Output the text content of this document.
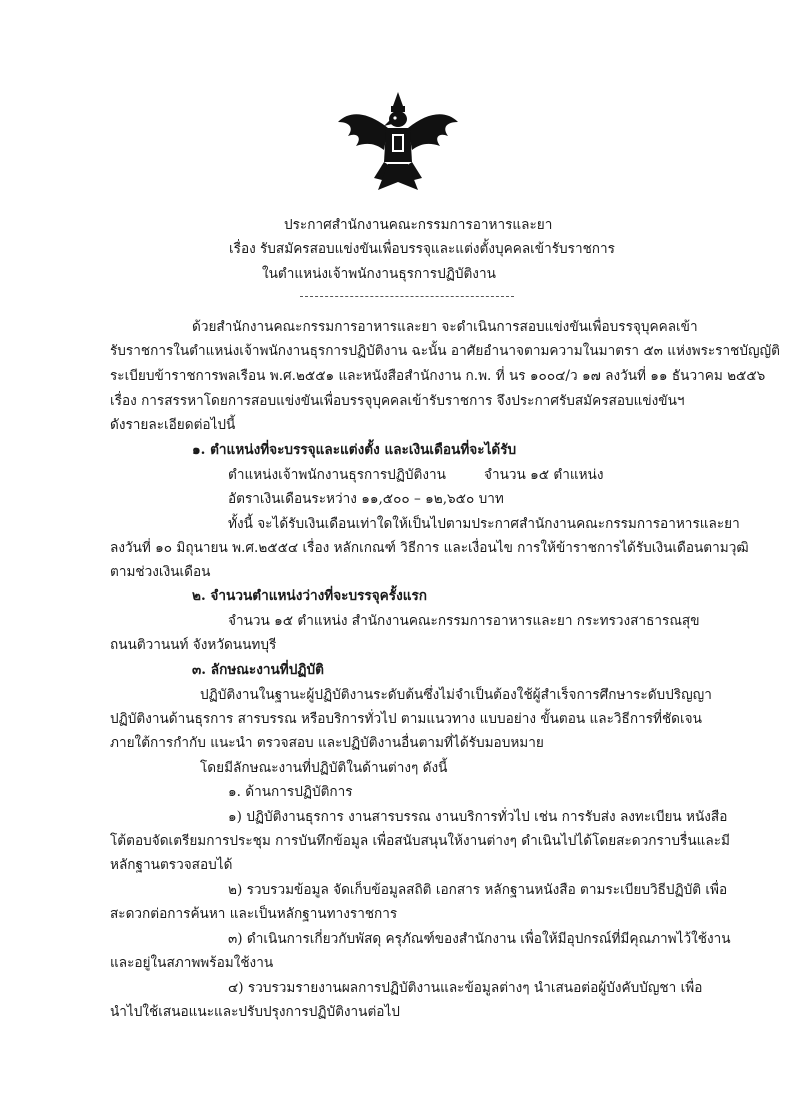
ประกาศสำนักงานคณะกรรมการอาหารและยา
เรื่อง รับสมัครสอบแข่งขันเพื่อบรรจุและแต่งตั้งบุคคลเข้ารับราชการ
ในตำแหน่งเจ้าพนักงานธุรการปฏิบัติงาน
ด้วยสำนักงานคณะกรรมการอาหารและยา จะดำเนินการสอบแข่งขันเพื่อบรรจุบุคคลเข้า
รับราชการในตำแหน่งเจ้าพนักงานธุรการปฏิบัติงาน ฉะนั้น อาศัยอำนาจตามความในมาตรา ๕๓ แห่งพระราชบัญญัติ
ระเบียบข้าราชการพลเรือน พ.ศ.๒๕๕๑ และหนังสือสำนักงาน ก.พ. ที่ นร ๑๐๐๔/ว ๑๗ ลงวันที่ ๑๑ ธันวาคม ๒๕๕๖
เรื่อง การสรรหาโดยการสอบแข่งขันเพื่อบรรจุบุคคลเข้ารับราชการ จึงประกาศรับสมัครสอบแข่งขันฯ
ดังรายละเอียดต่อไปนี้
๑. ตำแหน่งที่จะบรรจุและแต่งตั้ง และเงินเดือนที่จะได้รับ
ตำแหน่งเจ้าพนักงานธุรการปฏิบัติงาน	จำนวน ๑๕ ตำแหน่ง
อัตราเงินเดือนระหว่าง ๑๑,๕๐๐ – ๑๒,๖๕๐ บาท
ทั้งนี้ จะได้รับเงินเดือนเท่าใดให้เป็นไปตามประกาศสำนักงานคณะกรรมการอาหารและยา
ลงวันที่ ๑๐ มิถุนายน พ.ศ.๒๕๕๔ เรื่อง หลักเกณฑ์ วิธีการ และเงื่อนไข การให้ข้าราชการได้รับเงินเดือนตามวุฒิ
ตามช่วงเงินเดือน
๒. จำนวนตำแหน่งว่างที่จะบรรจุครั้งแรก
จำนวน ๑๕ ตำแหน่ง สำนักงานคณะกรรมการอาหารและยา กระทรวงสาธารณสุข
ถนนติวานนท์ จังหวัดนนทบุรี
๓. ลักษณะงานที่ปฏิบัติ
ปฏิบัติงานในฐานะผู้ปฏิบัติงานระดับต้นซึ่งไม่จำเป็นต้องใช้ผู้สำเร็จการศึกษาระดับปริญญา
ปฏิบัติงานด้านธุรการ สารบรรณ หรือบริการทั่วไป ตามแนวทาง แบบอย่าง ขั้นตอน และวิธีการที่ชัดเจน
ภายใต้การกำกับ แนะนำ ตรวจสอบ และปฏิบัติงานอื่นตามที่ได้รับมอบหมาย
โดยมีลักษณะงานที่ปฏิบัติในด้านต่างๆ ดังนี้
๑. ด้านการปฏิบัติการ
๑) ปฏิบัติงานธุรการ งานสารบรรณ งานบริการทั่วไป เช่น การรับส่ง ลงทะเบียน หนังสือ
โต้ตอบจัดเตรียมการประชุม การบันทึกข้อมูล เพื่อสนับสนุนให้งานต่างๆ ดำเนินไปได้โดยสะดวกราบรื่นและมี
หลักฐานตรวจสอบได้
๒) รวบรวมข้อมูล จัดเก็บข้อมูลสถิติ เอกสาร หลักฐานหนังสือ ตามระเบียบวิธีปฏิบัติ เพื่อ
สะดวกต่อการค้นหา และเป็นหลักฐานทางราชการ
๓) ดำเนินการเกี่ยวกับพัสดุ ครุภัณฑ์ของสำนักงาน เพื่อให้มีอุปกรณ์ที่มีคุณภาพไว้ใช้งาน
และอยู่ในสภาพพร้อมใช้งาน
๔) รวบรวมรายงานผลการปฏิบัติงานและข้อมูลต่างๆ นำเสนอต่อผู้บังคับบัญชา เพื่อ
นำไปใช้เสนอแนะและปรับปรุงการปฏิบัติงานต่อไป
